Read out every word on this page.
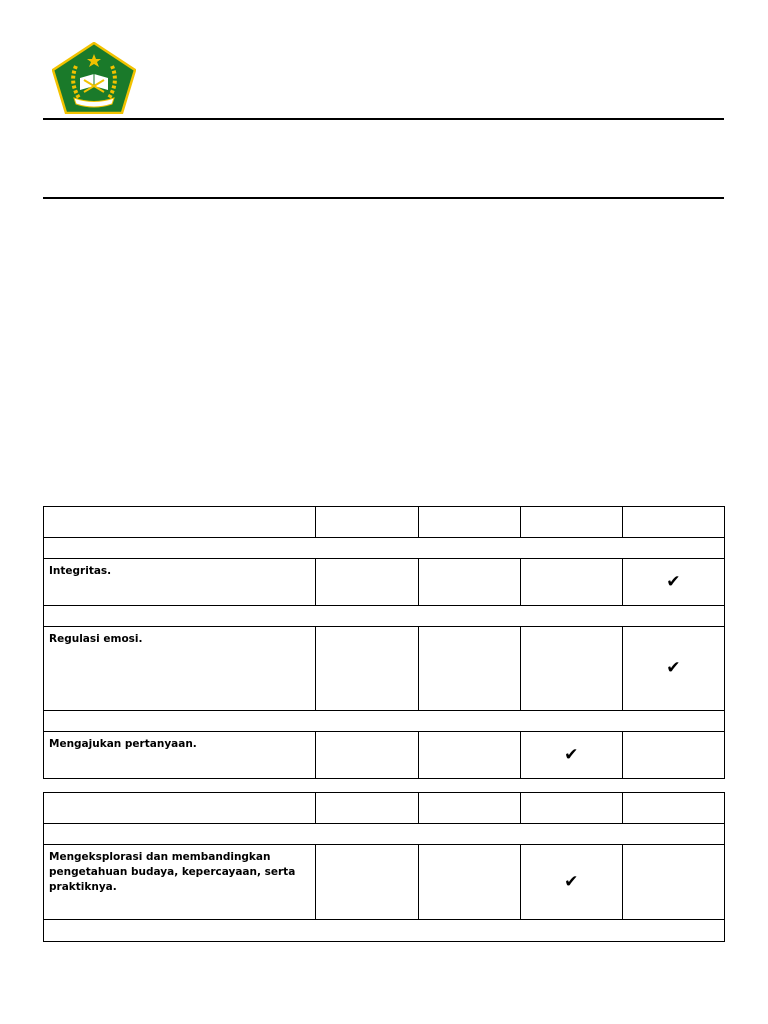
Integritas.				✔

Regulasi emosi.				✔

Mengajukan pertanyaan.			✔	

Mengeksplorasi dan membandingkan pengetahuan budaya, kepercayaan, serta praktiknya.			✔	
